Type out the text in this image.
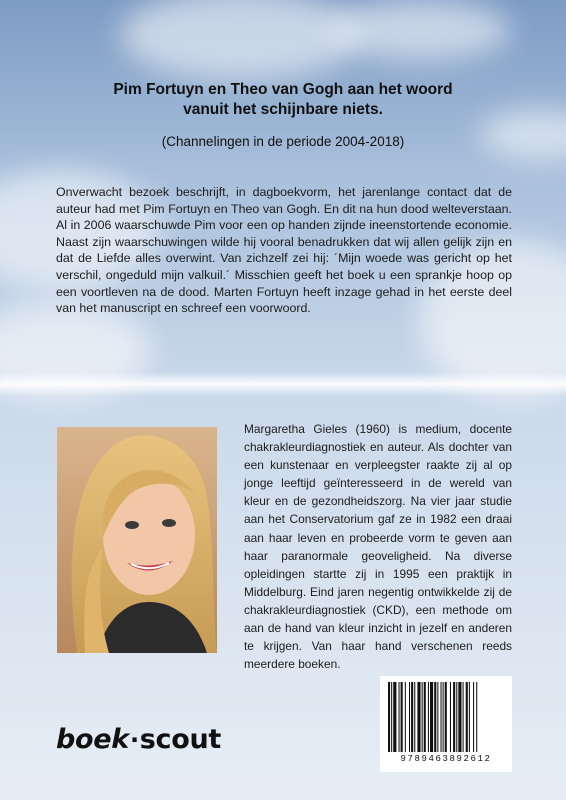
Pim Fortuyn en Theo van Gogh aan het woord
vanuit het schijnbare niets.
(Channelingen in de periode 2004-2018)

Onverwacht bezoek beschrijft, in dagboekvorm, het jarenlange contact dat de auteur had met Pim Fortuyn en Theo van Gogh. En dit na hun dood welteverstaan. Al in 2006 waarschuwde Pim voor een op handen zijnde ineenstortende economie. Naast zijn waarschuwingen wilde hij vooral benadrukken dat wij allen gelijk zijn en dat de Liefde alles overwint. Van zichzelf zei hij: ´Mijn woede was gericht op het verschil, ongeduld mijn valkuil.´ Misschien geeft het boek u een sprankje hoop op een voortleven na de dood. Marten Fortuyn heeft inzage gehad in het eerste deel van het manuscript en schreef een voorwoord.

Margaretha Gieles (1960) is medium, docente chakrakleurdiagnostiek en auteur. Als dochter van een kunstenaar en verpleegster raakte zij al op jonge leeftijd geïnteresseerd in de wereld van kleur en de gezondheidszorg. Na vier jaar studie aan het Conservatorium gaf ze in 1982 een draai aan haar leven en probeerde vorm te geven aan haar paranormale geoveligheid. Na diverse opleidingen startte zij in 1995 een praktijk in Middelburg. Eind jaren negentig ontwikkelde zij de chakrakleurdiagnostiek (CKD), een methode om aan de hand van kleur inzicht in jezelf en anderen te krijgen. Van haar hand verschenen reeds meerdere boeken.

boek·scout
9789463892612
